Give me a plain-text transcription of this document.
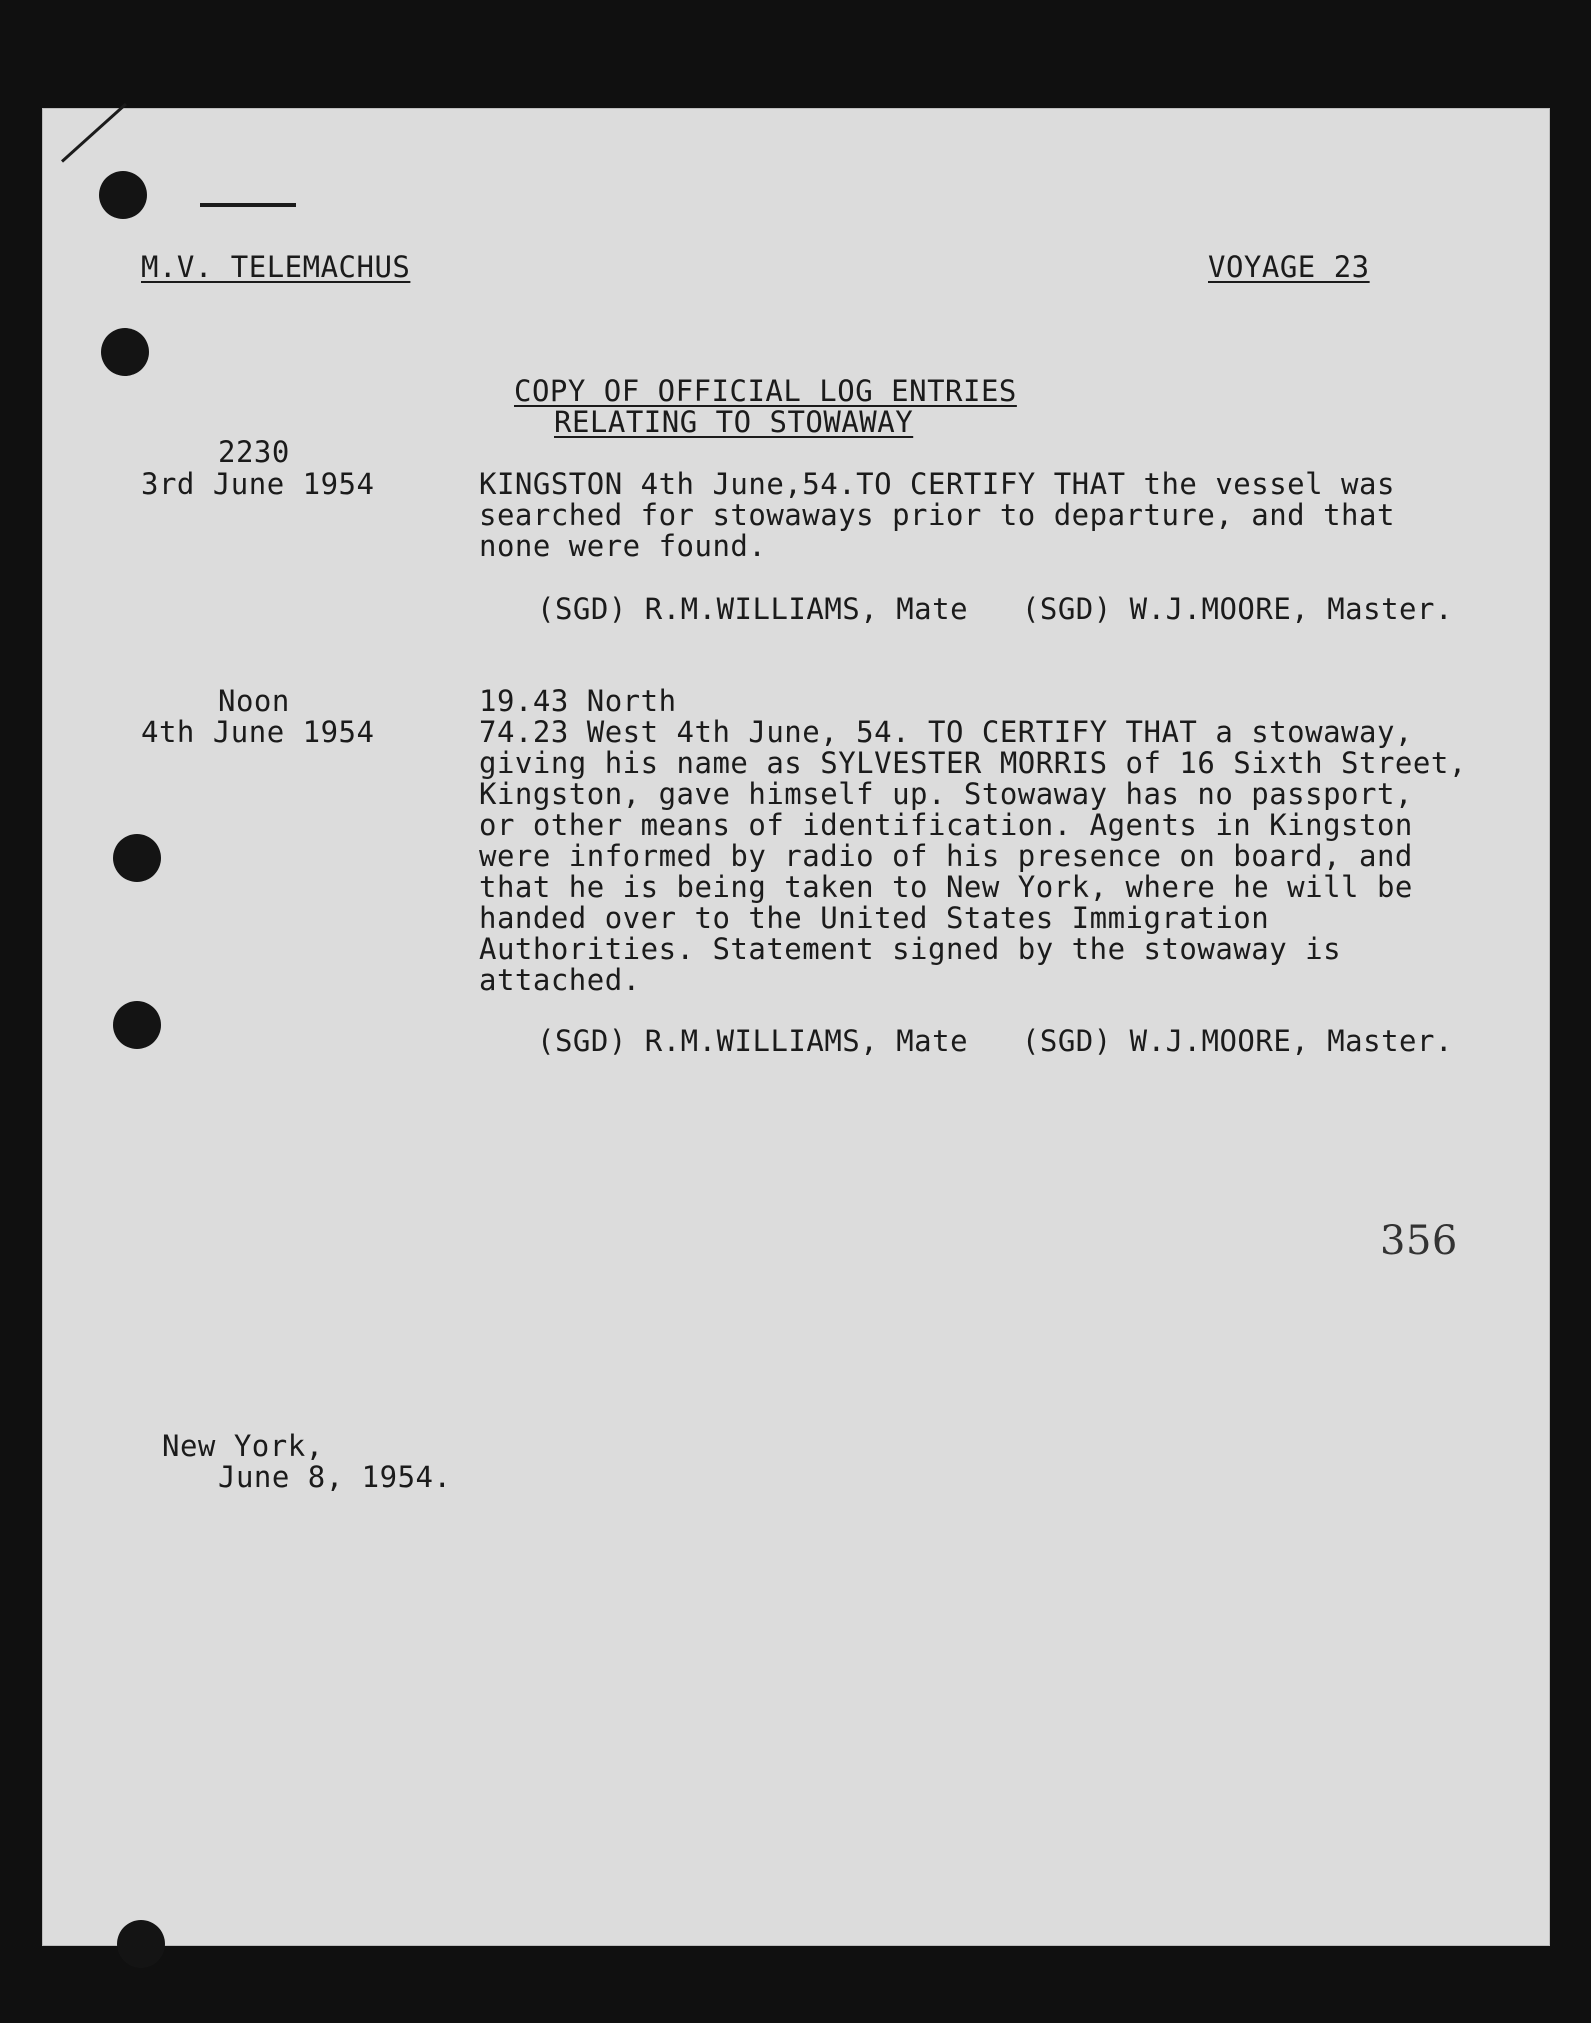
M.V. TELEMACHUS	VOYAGE 23
COPY OF OFFICIAL LOG ENTRIES
RELATING TO STOWAWAY
2230
3rd June 1954	KINGSTON 4th June,54.TO CERTIFY THAT the vessel was
searched for stowaways prior to departure, and that
none were found.
(SGD) R.M.WILLIAMS, Mate   (SGD) W.J.MOORE, Master.
Noon	19.43 North
4th June 1954	74.23 West 4th June, 54. TO CERTIFY THAT a stowaway,
giving his name as SYLVESTER MORRIS of 16 Sixth Street,
Kingston, gave himself up. Stowaway has no passport,
or other means of identification. Agents in Kingston
were informed by radio of his presence on board, and
that he is being taken to New York, where he will be
handed over to the United States Immigration
Authorities. Statement signed by the stowaway is
attached.
(SGD) R.M.WILLIAMS, Mate   (SGD) W.J.MOORE, Master.
356
New York,
June 8, 1954.
